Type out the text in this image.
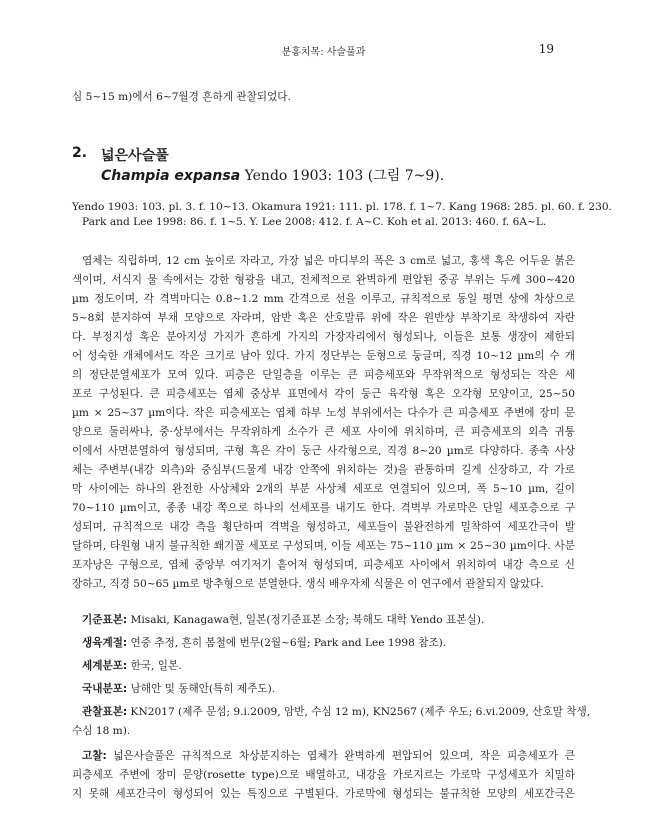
분홍치목: 사슬풀과	19
심 5~15 m)에서 6~7월경 흔하게 관찰되었다.
2. 넓은사슬풀
Champia expansa Yendo 1903: 103 (그림 7~9).
Yendo 1903: 103. pl. 3. f. 10~13. Okamura 1921: 111. pl. 178. f. 1~7. Kang 1968: 285. pl. 60. f. 230.
Park and Lee 1998: 86. f. 1~5. Y. Lee 2008: 412. f. A~C. Koh et al. 2013: 460. f. 6A~L.
엽체는 직립하며, 12 cm 높이로 자라고, 가장 넓은 마디부의 폭은 3 cm로 넓고, 홍색 혹은 어두운 붉은
색이며, 서식지 물 속에서는 강한 형광을 내고, 전체적으로 완벽하게 편압된 중공 부위는 두께 300~420
µm 정도이며, 각 격벽마디는 0.8~1.2 mm 간격으로 선을 이루고, 규칙적으로 동일 평면 상에 차상으로
5~8회 분지하여 부채 모양으로 자라며, 암반 혹은 산호말류 위에 작은 원반상 부착기로 착생하여 자란
다. 부정지성 혹은 분아지성 가지가 흔하게 가지의 가장자리에서 형성되나, 이들은 보통 생장이 제한되
어 성숙한 개체에서도 작은 크기로 남아 있다. 가지 정단부는 둔형으로 둥글며, 직경 10~12 µm의 수 개
의 정단분열세포가 모여 있다. 피층은 단일층을 이루는 큰 피층세포와 무작위적으로 형성되는 작은 세
포로 구성된다. 큰 피층세포는 엽체 중상부 표면에서 각이 둥근 육각형 혹은 오각형 모양이고, 25~50
µm × 25~37 µm이다. 작은 피층세포는 엽체 하부 노성 부위에서는 다수가 큰 피층세포 주변에 장미 문
양으로 둘러싸나, 중·상부에서는 무작위하게 소수가 큰 세포 사이에 위치하며, 큰 피층세포의 외측 귀퉁
이에서 사면분열하여 형성되며, 구형 혹은 각이 둥근 사각형으로, 직경 8~20 µm로 다양하다. 종축 사상
체는 주변부(내강 외측)와 중심부(드물게 내강 안쪽에 위치하는 것)을 관통하며 길게 신장하고, 각 가로
막 사이에는 하나의 완전한 사상체와 2개의 부분 사상체 세포로 연결되어 있으며, 폭 5~10 µm, 길이
70~110 µm이고, 종종 내강 쪽으로 하나의 선세포를 내기도 한다. 격벽부 가로막은 단일 세포층으로 구
성되며, 규칙적으로 내강 측을 횡단하며 격벽을 형성하고, 세포들이 불완전하게 밀착하여 세포간극이 발
달하며, 타원형 내지 불규칙한 쐐기꼴 세포로 구성되며, 이들 세포는 75~110 µm × 25~30 µm이다. 사분
포자낭은 구형으로, 엽체 중앙부 여기저기 흩어져 형성되며, 피층세포 사이에서 위치하여 내강 측으로 신
장하고, 직경 50~65 µm로 방추형으로 분열한다. 생식 배우자체 식물은 이 연구에서 관찰되지 않았다.
기준표본: Misaki, Kanagawa현, 일본(정기준표본 소장; 북해도 대학 Yendo 표본실).
생육계절: 연중 추정, 흔히 봄철에 번무(2월~6월; Park and Lee 1998 참조).
세계분포: 한국, 일본.
국내분포: 남해안 및 동해안(특히 제주도).
관찰표본: KN2017 (제주 문섬; 9.i.2009, 암반, 수심 12 m), KN2567 (제주 우도; 6.vi.2009, 산호말 착생,
수심 18 m).
고찰: 넓은사슬풀은 규칙적으로 차상분지하는 엽체가 완벽하게 편압되어 있으며, 작은 피층세포가 큰
피층세포 주변에 장미 문양(rosette type)으로 배열하고, 내강을 가로지르는 가로막 구성세포가 치밀하
지 못해 세포간극이 형성되어 있는 특징으로 구별된다. 가로막에 형성되는 불규칙한 모양의 세포간극은
